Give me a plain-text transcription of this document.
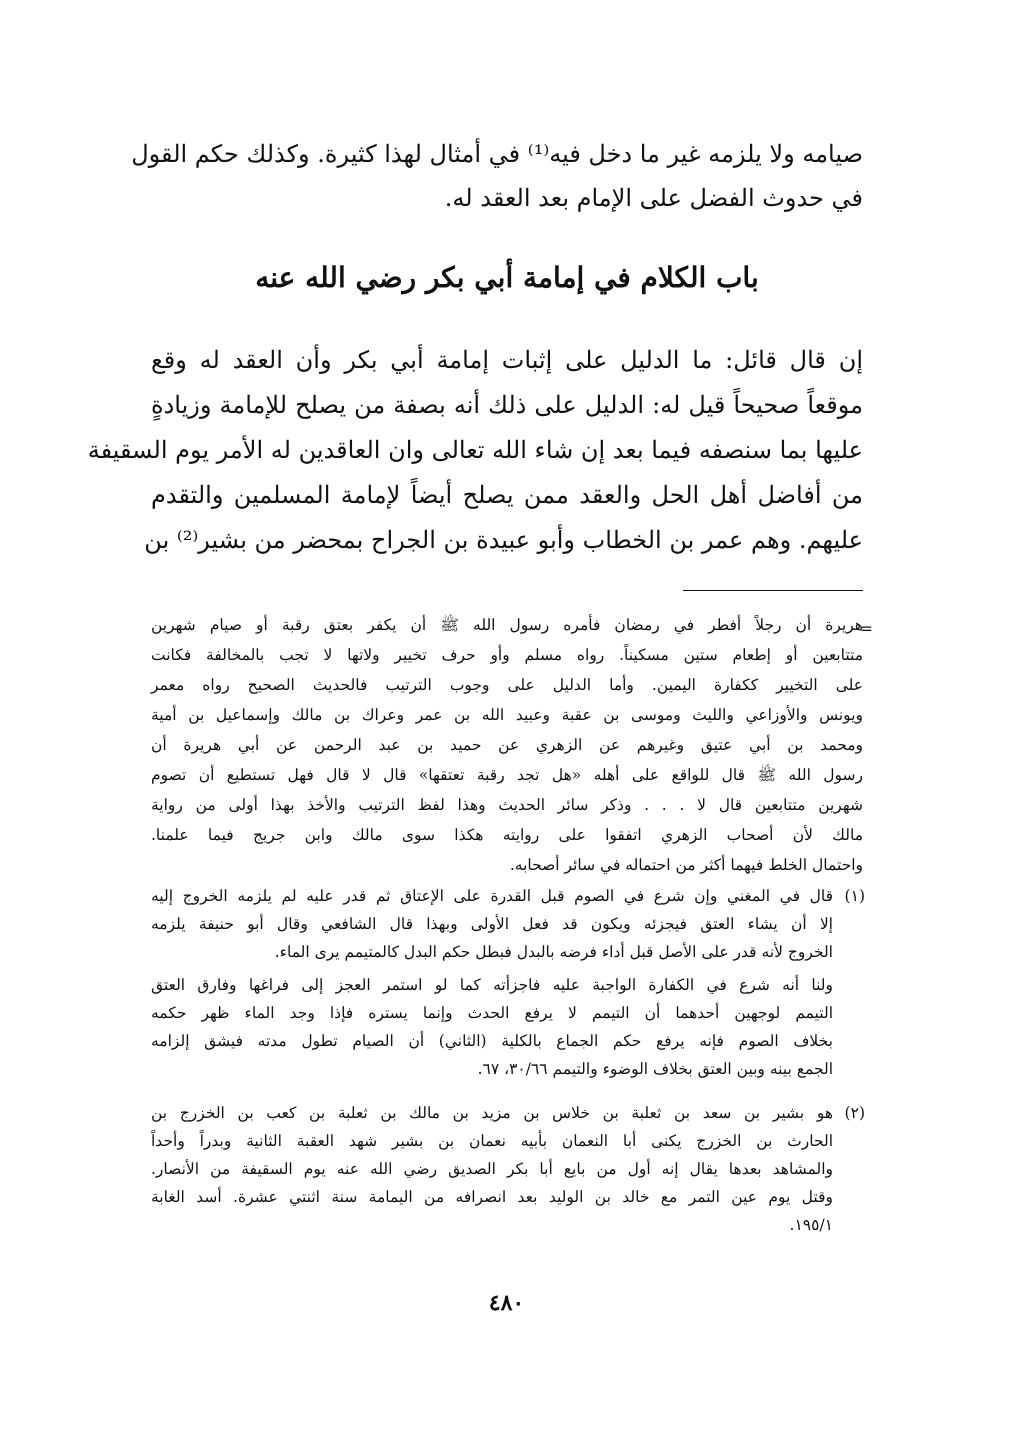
صيامه ولا يلزمه غير ما دخل فيه⁽¹⁾ في أمثال لهذا كثيرة. وكذلك حكم القول
في حدوث الفضل على الإمام بعد العقد له.
باب الكلام في إمامة أبي بكر رضي الله عنه
إن قال قائل: ما الدليل على إثبات إمامة أبي بكر وأن العقد له وقع
موقعاً صحيحاً قيل له: الدليل على ذلك أنه بصفة من يصلح للإمامة وزيادةٍ
عليها بما سنصفه فيما بعد إن شاء الله تعالى وان العاقدين له الأمر يوم السقيفة
من أفاضل أهل الحل والعقد ممن يصلح أيضاً لإمامة المسلمين والتقدم
عليهم. وهم عمر بن الخطاب وأبو عبيدة بن الجراح بمحضر من بشير⁽²⁾ بن
=
هريرة أن رجلاً أفطر في رمضان فأمره رسول الله ﷺ أن يكفر بعتق رقبة أو صيام شهرين
متتابعين أو إطعام ستين مسكيناً. رواه مسلم وأو حرف تخيير ولاتها لا تجب بالمخالفة فكانت
على التخيير ككفارة اليمين. وأما الدليل على وجوب الترتيب فالحديث الصحيح رواه معمر
ويونس والأوزاعي والليث وموسى بن عقبة وعبيد الله بن عمر وعراك بن مالك وإسماعيل بن أمية
ومحمد بن أبي عتيق وغيرهم عن الزهري عن حميد بن عبد الرحمن عن أبي هريرة أن
رسول الله ﷺ قال للواقع على أهله «هل تجد رقبة تعتقها» قال لا قال فهل تستطيع أن تصوم
شهرين متتابعين قال لا . . . وذكر سائر الحديث وهذا لفظ الترتيب والأخذ بهذا أولى من رواية
مالك لأن أصحاب الزهري اتفقوا على روايته هكذا سوى مالك وابن جريج فيما علمنا.
واحتمال الخلط فيهما أكثر من احتماله في سائر أصحابه.
(١)
قال في المغني وإن شرع في الصوم قبل القدرة على الإعتاق ثم قدر عليه لم يلزمه الخروج إليه
إلا أن يشاء العتق فيجزئه ويكون قد فعل الأولى وبهذا قال الشافعي وقال أبو حنيفة يلزمه
الخروج لأنه قدر على الأصل قبل أداء فرضه بالبدل فبطل حكم البدل كالمتيمم يرى الماء.
ولنا أنه شرع في الكفارة الواجبة عليه فاجزأته كما لو استمر العجز إلى فراغها وفارق العتق
التيمم لوجهين أحدهما أن التيمم لا يرفع الحدث وإنما يستره فإذا وجد الماء ظهر حكمه
بخلاف الصوم فإنه يرفع حكم الجماع بالكلية (الثاني) أن الصيام تطول مدته فيشق إلزامه
الجمع بينه وبين العتق بخلاف الوضوء والتيمم ٣٠/٦٦، ٦٧.
(٢)
هو بشير بن سعد بن ثعلبة بن خلاس بن مزيد بن مالك بن ثعلبة بن كعب بن الخزرج بن
الحارث بن الخزرج يكنى أبا النعمان بأبيه نعمان بن بشير شهد العقبة الثانية وبدراً وأحداً
والمشاهد بعدها يقال إنه أول من بايع أبا بكر الصديق رضي الله عنه يوم السقيفة من الأنصار.
وقتل يوم عين التمر مع خالد بن الوليد بعد انصرافه من اليمامة سنة اثنتي عشرة. أسد الغابة
١٩٥/١.
٤٨٠
